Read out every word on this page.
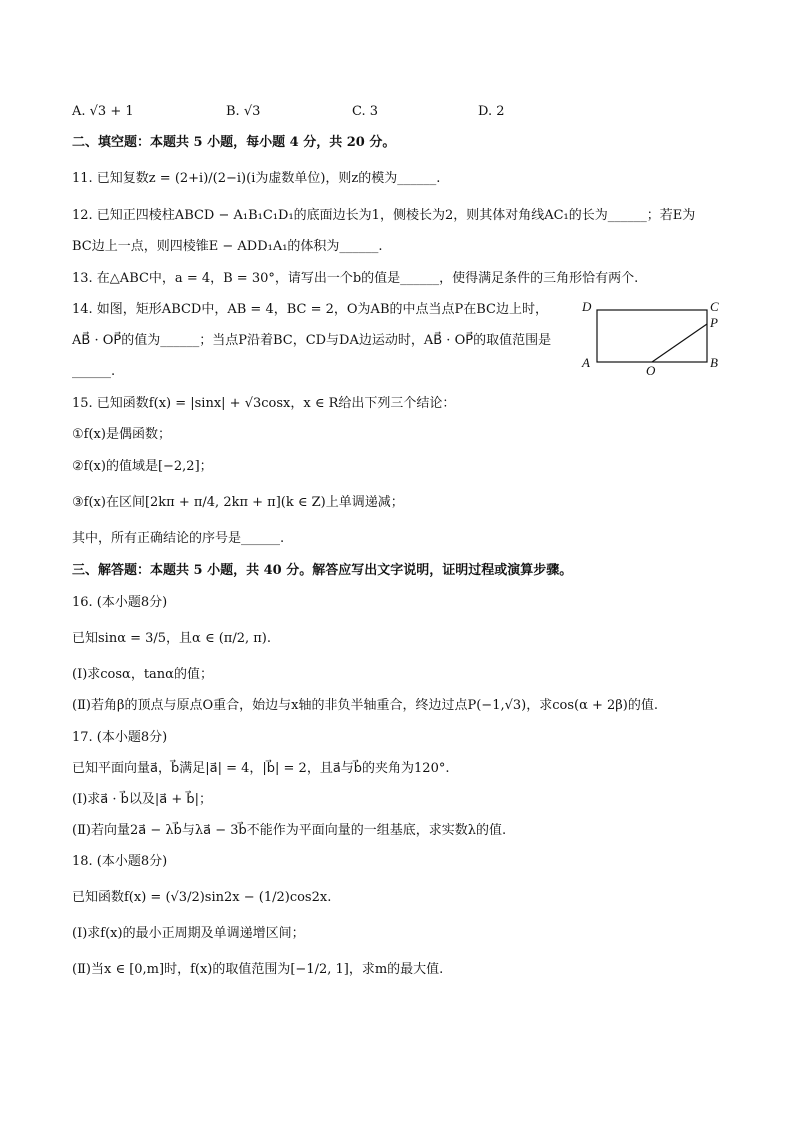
A. √3 + 1	B. √3	C. 3	D. 2
二、填空题：本题共 5 小题，每小题 4 分，共 20 分。
11. 已知复数z = (2+i)/(2−i)(i为虚数单位)，则z的模为______.
12. 已知正四棱柱ABCD − A₁B₁C₁D₁的底面边长为1，侧棱长为2，则其体对角线AC₁的长为______；若E为
BC边上一点，则四棱锥E − ADD₁A₁的体积为______.
13. 在△ABC中，a = 4，B = 30°，请写出一个b的值是______，使得满足条件的三角形恰有两个.
14. 如图，矩形ABCD中，AB = 4，BC = 2，O为AB的中点当点P在BC边上时，
AB⃗ · OP⃗的值为______；当点P沿着BC，CD与DA边运动时，AB⃗ · OP⃗的取值范围是
______.
D	C
P
A
O
B
15. 已知函数f(x) = |sinx| + √3cosx，x ∈ R给出下列三个结论：
①f(x)是偶函数；
②f(x)的值域是[−2,2]；
③f(x)在区间[2kπ + π/4, 2kπ + π](k ∈ Z)上单调递减；
其中，所有正确结论的序号是______.
三、解答题：本题共 5 小题，共 40 分。解答应写出文字说明，证明过程或演算步骤。
16. (本小题8分)
已知sinα = 3/5，且α ∈ (π/2, π).
(Ⅰ)求cosα，tanα的值；
(Ⅱ)若角β的顶点与原点O重合，始边与x轴的非负半轴重合，终边过点P(−1,√3)，求cos(α + 2β)的值.
17. (本小题8分)
已知平面向量a⃗，b⃗满足|a⃗| = 4，|b⃗| = 2，且a⃗与b⃗的夹角为120°.
(Ⅰ)求a⃗ · b⃗以及|a⃗ + b⃗|；
(Ⅱ)若向量2a⃗ − λb⃗与λa⃗ − 3b⃗不能作为平面向量的一组基底，求实数λ的值.
18. (本小题8分)
已知函数f(x) = (√3/2)sin2x − (1/2)cos2x.
(Ⅰ)求f(x)的最小正周期及单调递增区间；
(Ⅱ)当x ∈ [0,m]时，f(x)的取值范围为[−1/2, 1]，求m的最大值.
